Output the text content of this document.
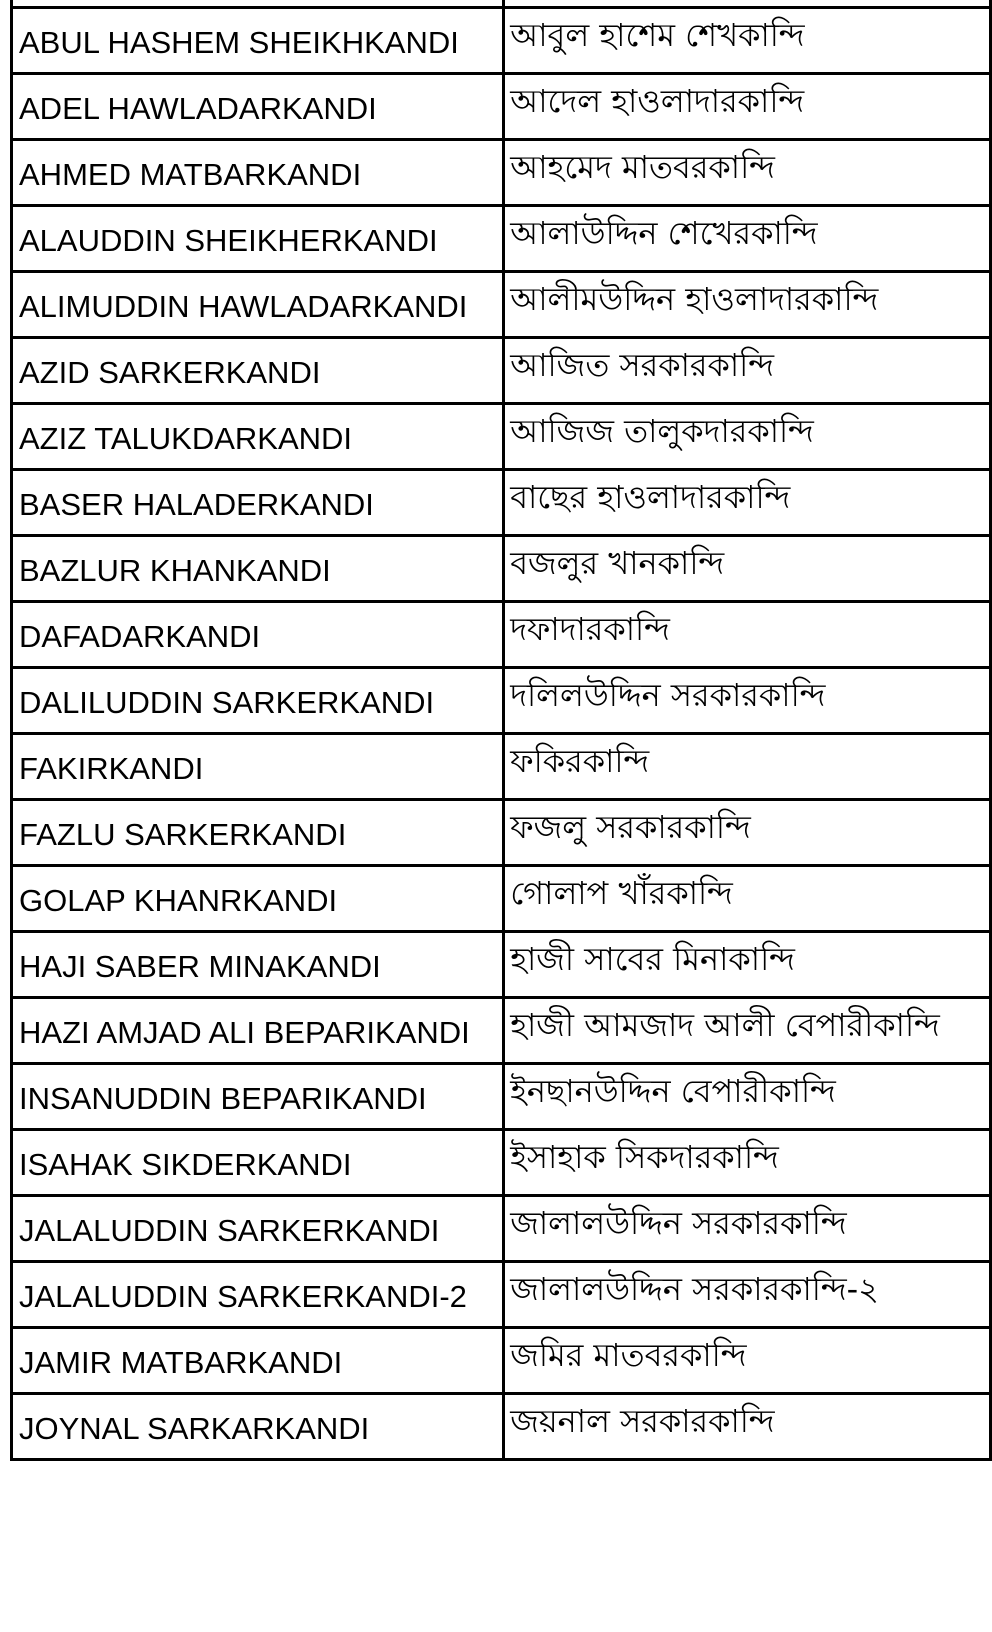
ABUL HASHEM SHEIKHKANDI	আবুল হাশেম শেখকান্দি
ADEL HAWLADARKANDI	আদেল হাওলাদারকান্দি
AHMED MATBARKANDI	আহমেদ মাতবরকান্দি
ALAUDDIN SHEIKHERKANDI	আলাউদ্দিন শেখেরকান্দি
ALIMUDDIN HAWLADARKANDI	আলীমউদ্দিন হাওলাদারকান্দি
AZID SARKERKANDI	আজিত সরকারকান্দি
AZIZ TALUKDARKANDI	আজিজ তালুকদারকান্দি
BASER HALADERKANDI	বাছের হাওলাদারকান্দি
BAZLUR KHANKANDI	বজলুর খানকান্দি
DAFADARKANDI	দফাদারকান্দি
DALILUDDIN SARKERKANDI	দলিলউদ্দিন সরকারকান্দি
FAKIRKANDI	ফকিরকান্দি
FAZLU SARKERKANDI	ফজলু সরকারকান্দি
GOLAP KHANRKANDI	গোলাপ খাঁরকান্দি
HAJI SABER MINAKANDI	হাজী সাবের মিনাকান্দি
HAZI AMJAD ALI BEPARIKANDI	হাজী আমজাদ আলী বেপারীকান্দি
INSANUDDIN BEPARIKANDI	ইনছানউদ্দিন বেপারীকান্দি
ISAHAK SIKDERKANDI	ইসাহাক সিকদারকান্দি
JALALUDDIN SARKERKANDI	জালালউদ্দিন সরকারকান্দি
JALALUDDIN SARKERKANDI-2	জালালউদ্দিন সরকারকান্দি-২
JAMIR MATBARKANDI	জমির মাতবরকান্দি
JOYNAL SARKARKANDI	জয়নাল সরকারকান্দি
